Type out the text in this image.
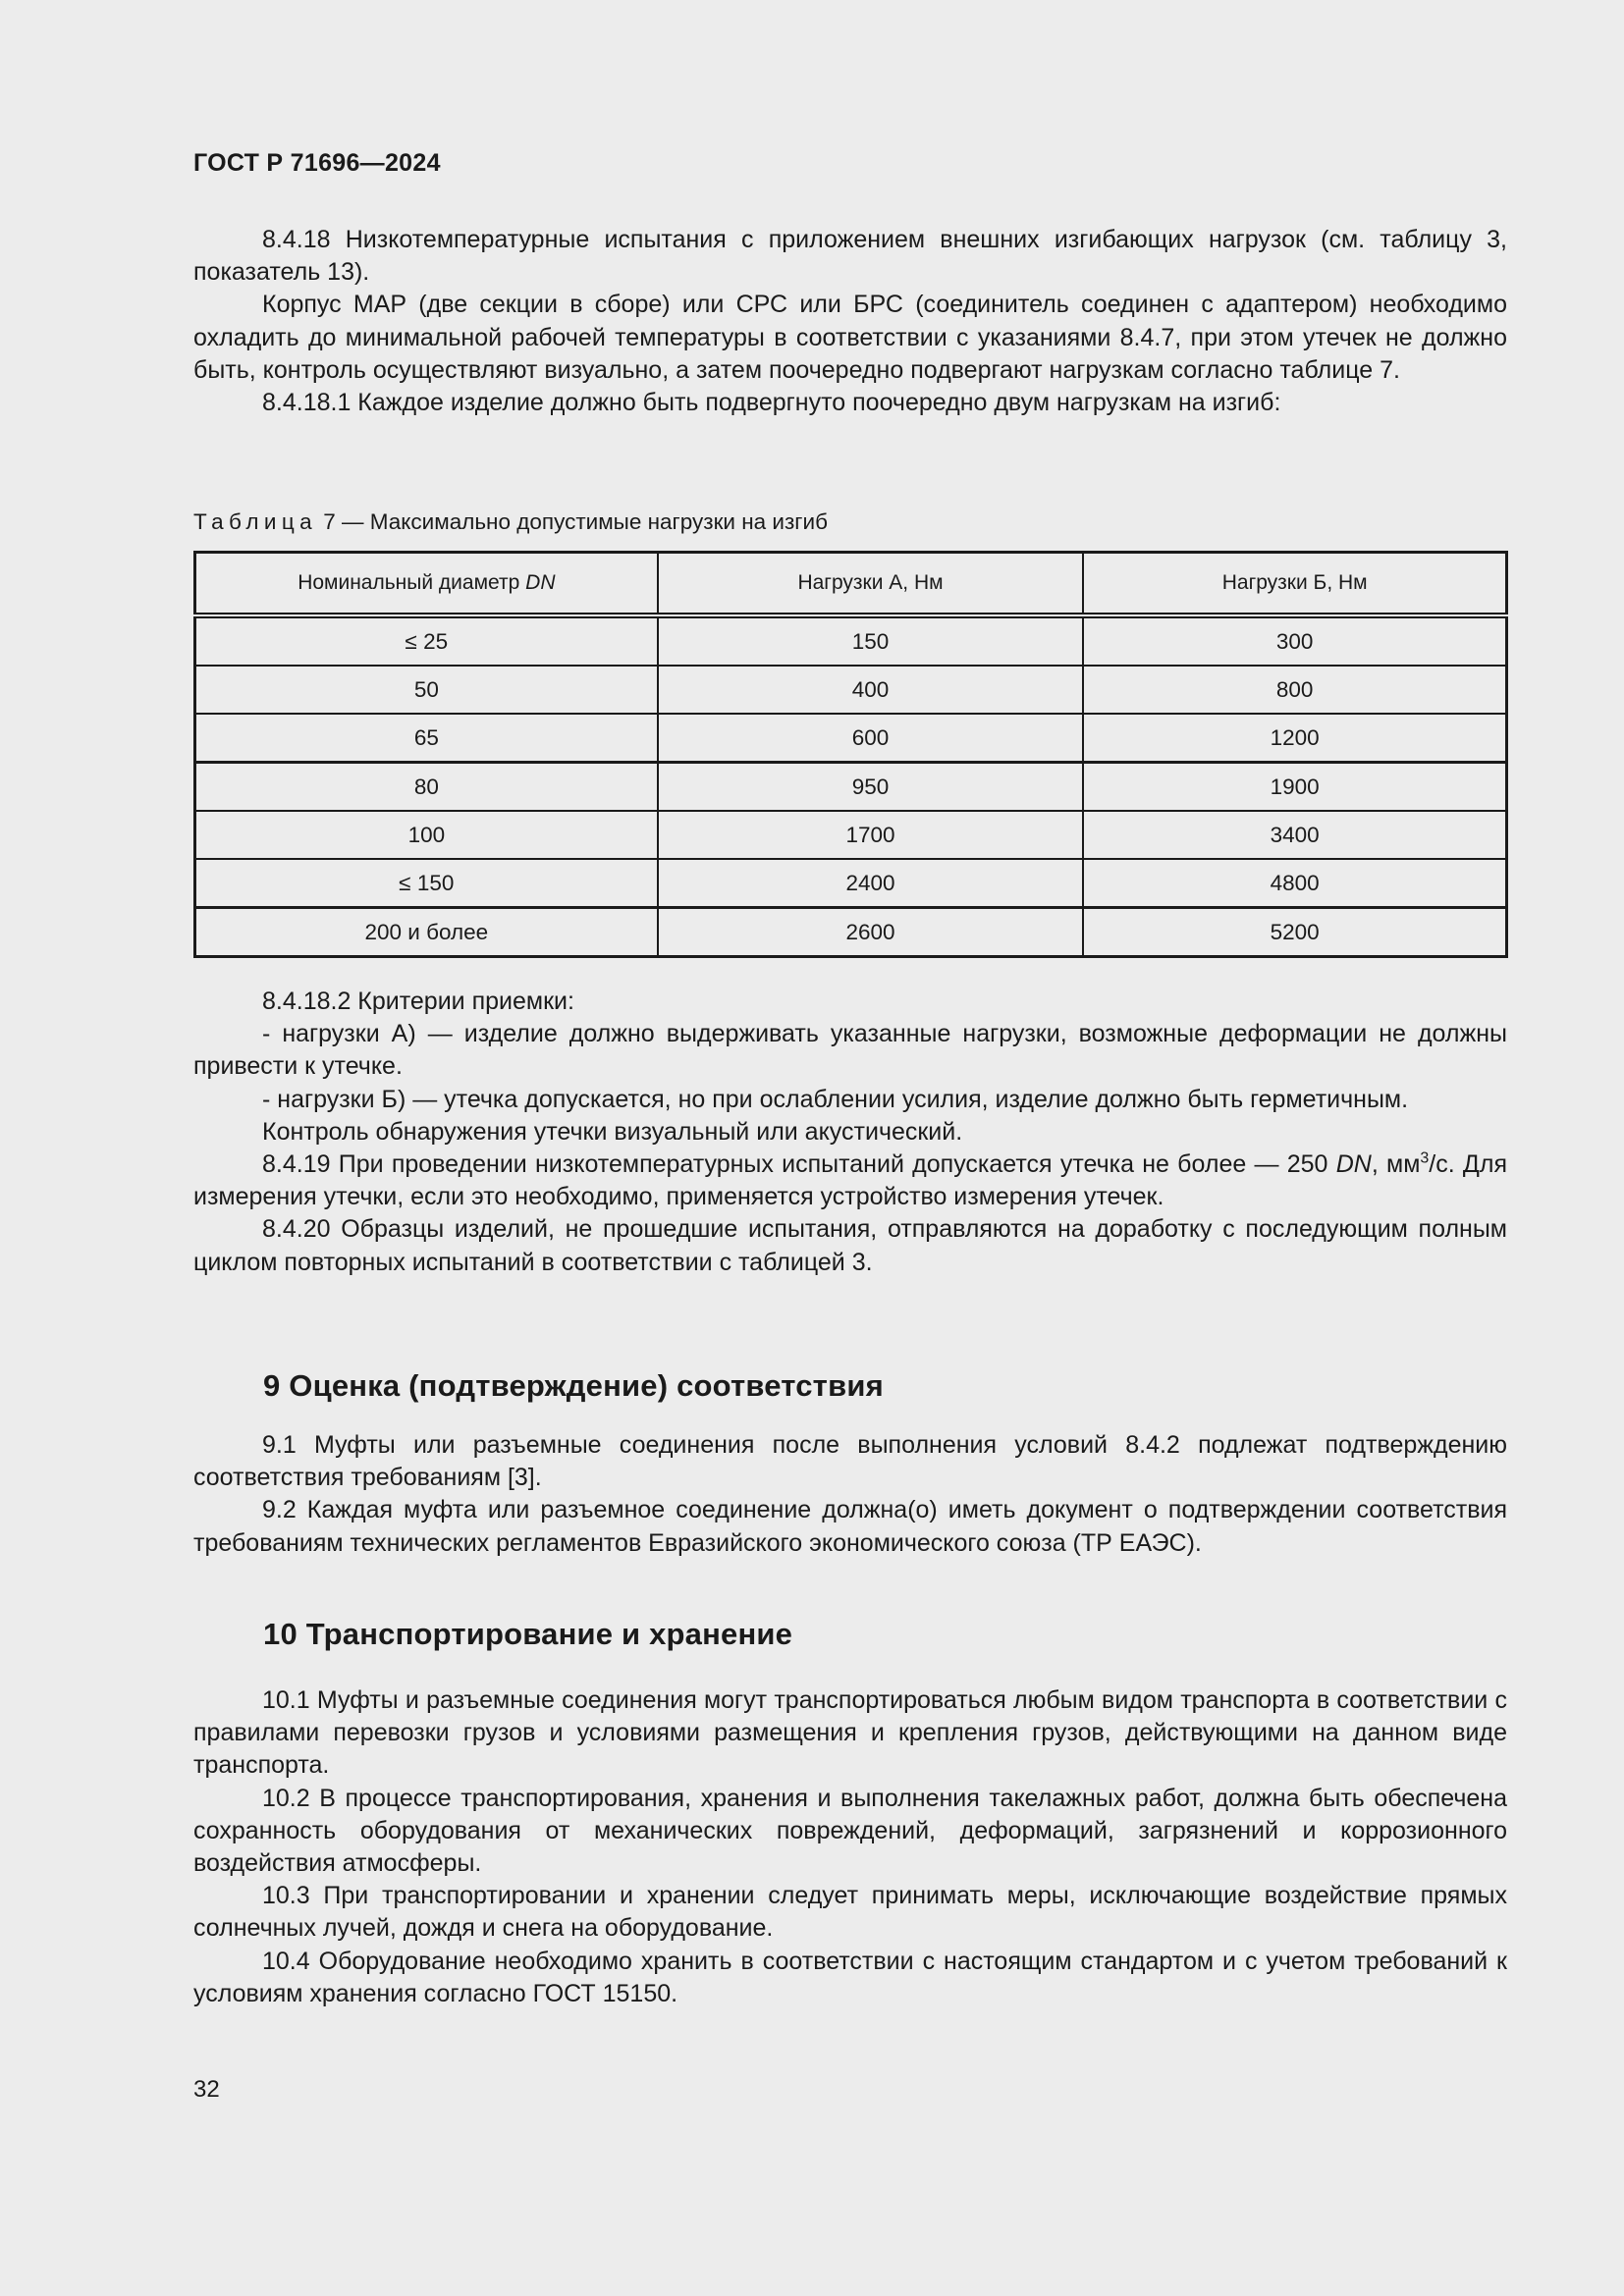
ГОСТ Р 71696—2024

8.4.18 Низкотемпературные испытания с приложением внешних изгибающих нагрузок (см. таблицу 3, показатель 13).

Корпус МАР (две секции в сборе) или СРС или БРС (соединитель соединен с адаптером) необходимо охладить до минимальной рабочей температуры в соответствии с указаниями 8.4.7, при этом утечек не должно быть, контроль осуществляют визуально, а затем поочередно подвергают нагрузкам согласно таблице 7.

8.4.18.1 Каждое изделие должно быть подвергнуто поочередно двум нагрузкам на изгиб:

Таблица 7 — Максимально допустимые нагрузки на изгиб

Номинальный диаметр DN	Нагрузки А, Нм	Нагрузки Б, Нм
≤ 25	150	300
50	400	800
65	600	1200
80	950	1900
100	1700	3400
≤ 150	2400	4800
200 и более	2600	5200

8.4.18.2 Критерии приемки:

- нагрузки А) — изделие должно выдерживать указанные нагрузки, возможные деформации не должны привести к утечке.

- нагрузки Б) — утечка допускается, но при ослаблении усилия, изделие должно быть герметичным.

Контроль обнаружения утечки визуальный или акустический.

8.4.19 При проведении низкотемпературных испытаний допускается утечка не более — 250 DN, $мм^3/с$. Для измерения утечки, если это необходимо, применяется устройство измерения утечек.

8.4.20 Образцы изделий, не прошедшие испытания, отправляются на доработку с последующим полным циклом повторных испытаний в соответствии с таблицей 3.

9 Оценка (подтверждение) соответствия

9.1 Муфты или разъемные соединения после выполнения условий 8.4.2 подлежат подтверждению соответствия требованиям [3].

9.2 Каждая муфта или разъемное соединение должна(о) иметь документ о подтверждении соответствия требованиям технических регламентов Евразийского экономического союза (ТР ЕАЭС).

10 Транспортирование и хранение

10.1 Муфты и разъемные соединения могут транспортироваться любым видом транспорта в соответствии с правилами перевозки грузов и условиями размещения и крепления грузов, действующими на данном виде транспорта.

10.2 В процессе транспортирования, хранения и выполнения такелажных работ, должна быть обеспечена сохранность оборудования от механических повреждений, деформаций, загрязнений и коррозионного воздействия атмосферы.

10.3 При транспортировании и хранении следует принимать меры, исключающие воздействие прямых солнечных лучей, дождя и снега на оборудование.

10.4 Оборудование необходимо хранить в соответствии с настоящим стандартом и с учетом требований к условиям хранения согласно ГОСТ 15150.

32
